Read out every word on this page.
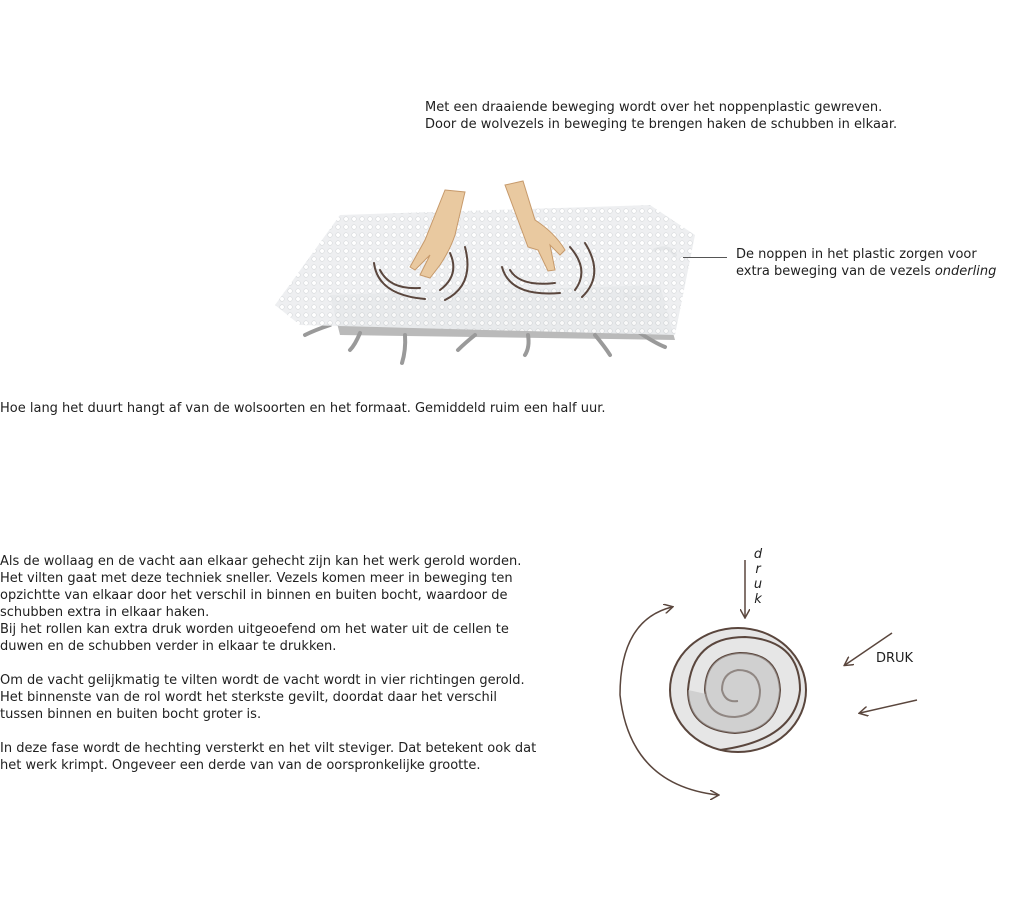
Met een draaiende beweging wordt over het noppenplastic gewreven.
Door de wolvezels in beweging te brengen haken de schubben in elkaar.
De noppen in het plastic zorgen voor
extra beweging van de vezels onderling
Hoe lang het duurt hangt af van de wolsoorten en het formaat. Gemiddeld ruim een half uur.
Als de wollaag en de vacht aan elkaar gehecht zijn kan het werk gerold worden.
Het vilten gaat met deze techniek sneller. Vezels komen meer in beweging ten
opzichtte van elkaar door het verschil in binnen en buiten bocht, waardoor de
schubben extra in elkaar haken.
Bij het rollen kan extra druk worden uitgeoefend om het water uit de cellen te
duwen en de schubben verder in elkaar te drukken.
Om de vacht gelijkmatig te vilten wordt de vacht wordt in vier richtingen gerold.
Het binnenste van de rol wordt het sterkste gevilt, doordat daar het verschil
tussen binnen en buiten bocht groter is.
In deze fase wordt de hechting versterkt en het vilt steviger. Dat betekent ook dat
het werk krimpt. Ongeveer een derde van van de oorspronkelijke grootte.
d
r
u
k
DRUK
